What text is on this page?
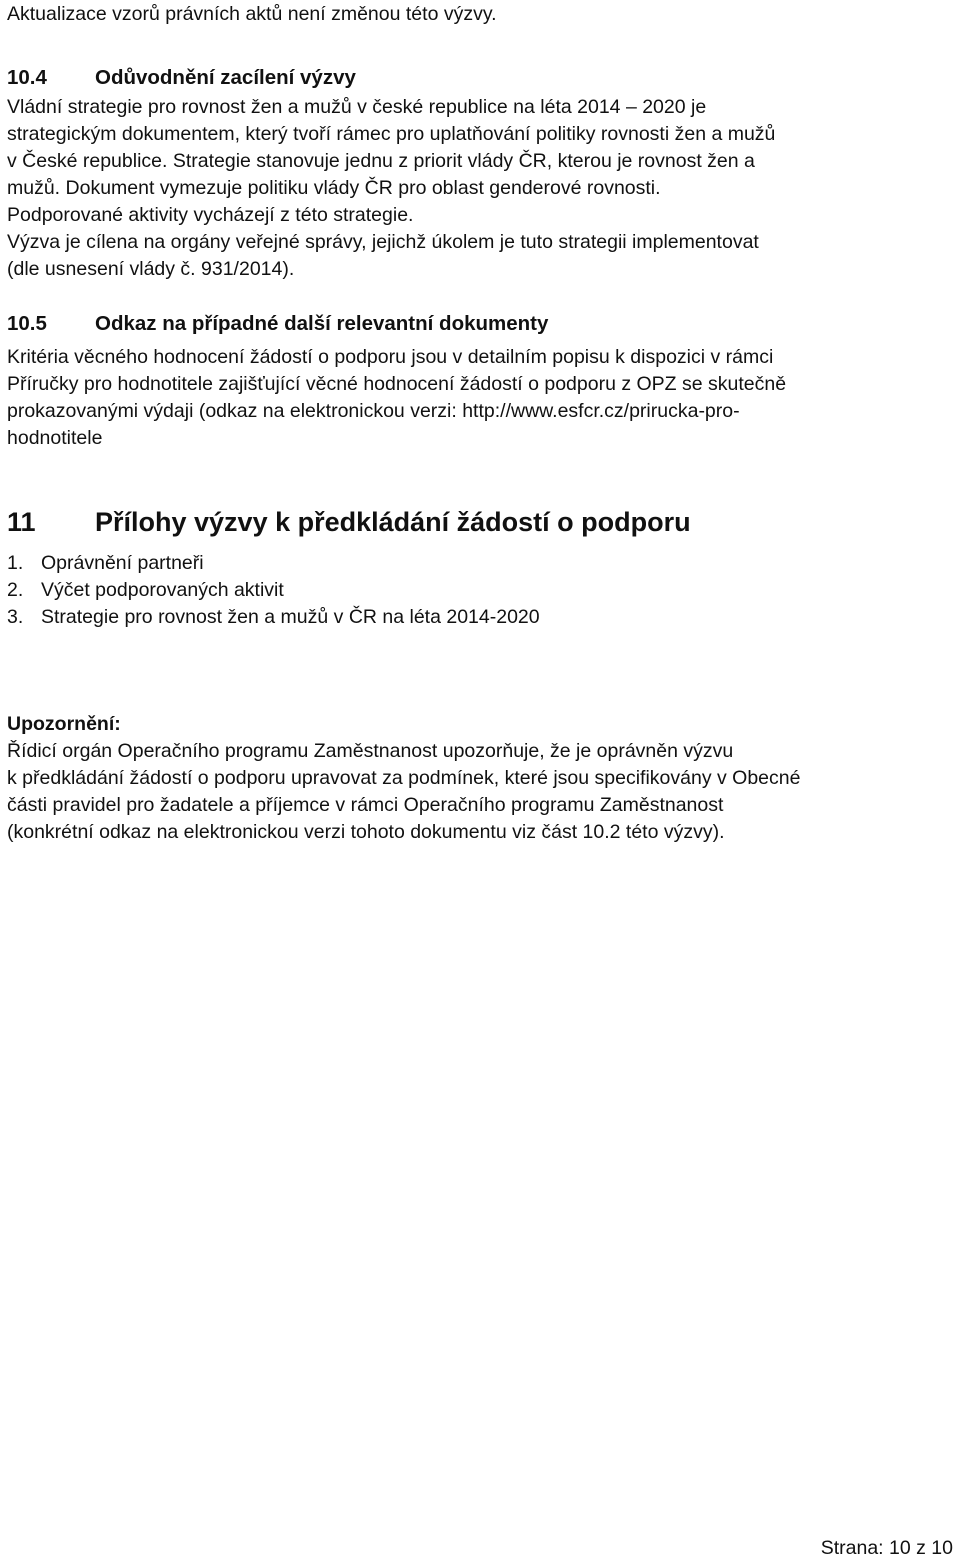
Aktualizace vzorů právních aktů není změnou této výzvy.
10.4 Odůvodnění zacílení výzvy
Vládní strategie pro rovnost žen a mužů v české republice na léta 2014 – 2020 je
strategickým dokumentem, který tvoří rámec pro uplatňování politiky rovnosti žen a mužů
v České republice. Strategie stanovuje jednu z priorit vlády ČR, kterou je rovnost žen a
mužů. Dokument vymezuje politiku vlády ČR pro oblast genderové rovnosti.
Podporované aktivity vycházejí z této strategie.
Výzva je cílena na orgány veřejné správy, jejichž úkolem je tuto strategii implementovat
(dle usnesení vlády č. 931/2014).
10.5 Odkaz na případné další relevantní dokumenty
Kritéria věcného hodnocení žádostí o podporu jsou v detailním popisu k dispozici v rámci
Příručky pro hodnotitele zajišťující věcné hodnocení žádostí o podporu z OPZ se skutečně
prokazovanými výdaji (odkaz na elektronickou verzi: http://www.esfcr.cz/prirucka-pro-
hodnotitele
11 Přílohy výzvy k předkládání žádostí o podporu
1. Oprávnění partneři
2. Výčet podporovaných aktivit
3. Strategie pro rovnost žen a mužů v ČR na léta 2014-2020
Upozornění:
Řídicí orgán Operačního programu Zaměstnanost upozorňuje, že je oprávněn výzvu
k předkládání žádostí o podporu upravovat za podmínek, které jsou specifikovány v Obecné
části pravidel pro žadatele a příjemce v rámci Operačního programu Zaměstnanost
(konkrétní odkaz na elektronickou verzi tohoto dokumentu viz část 10.2 této výzvy).
Strana: 10 z 10
